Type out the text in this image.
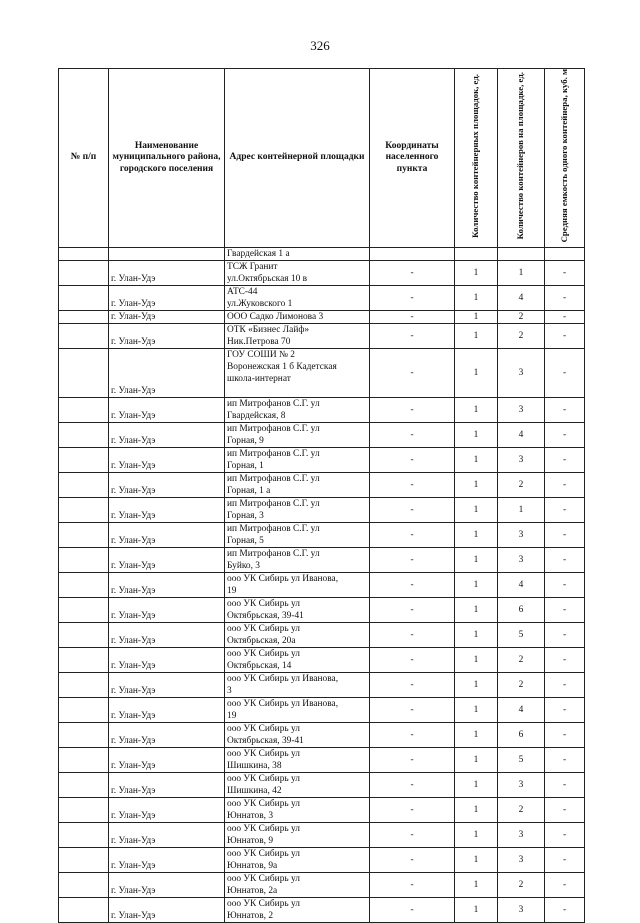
326
№ п/п	Наименование муниципального района, городского поселения	Адрес контейнерной площадки	Координаты населенного пункта	Количество контейнерных площадок, ед.	Количество контейнеров на площадке, ед.	Средняя емкость одного контейнера, куб. м
		Гвардейская 1 а				
	г. Улан-Удэ	ТСЖ Гранит
ул.Октябрьская 10 в	-	1	1	-
	г. Улан-Удэ	АТС-44
ул.Жуковского 1	-	1	4	-
	г. Улан-Удэ	ООО Садко Лимонова 3	-	1	2	-
	г. Улан-Удэ	ОТК «Бизнес Лайф»
Ник.Петрова 70	-	1	2	-
	г. Улан-Удэ	ГОУ СОШИ № 2
Воронежская 1 б Кадетская
школа-интернат	-	1	3	-
	г. Улан-Удэ	ип Митрофанов С.Г. ул
Гвардейская, 8	-	1	3	-
	г. Улан-Удэ	ип Митрофанов С.Г. ул
Горная, 9	-	1	4	-
	г. Улан-Удэ	ип Митрофанов С.Г. ул
Горная, 1	-	1	3	-
	г. Улан-Удэ	ип Митрофанов С.Г. ул
Горная, 1 а	-	1	2	-
	г. Улан-Удэ	ип Митрофанов С.Г. ул
Горная, 3	-	1	1	-
	г. Улан-Удэ	ип Митрофанов С.Г. ул
Горная, 5	-	1	3	-
	г. Улан-Удэ	ип Митрофанов С.Г. ул
Буйко, 3	-	1	3	-
	г. Улан-Удэ	ооо УК Сибирь ул Иванова,
19	-	1	4	-
	г. Улан-Удэ	ооо УК Сибирь ул
Октябрьская, 39-41	-	1	6	-
	г. Улан-Удэ	ооо УК Сибирь ул
Октябрьская, 20а	-	1	5	-
	г. Улан-Удэ	ооо УК Сибирь ул
Октябрьская, 14	-	1	2	-
	г. Улан-Удэ	ооо УК Сибирь ул Иванова,
3	-	1	2	-
	г. Улан-Удэ	ооо УК Сибирь ул Иванова,
19	-	1	4	-
	г. Улан-Удэ	ооо УК Сибирь ул
Октябрьская, 39-41	-	1	6	-
	г. Улан-Удэ	ооо УК Сибирь ул
Шишкина, 38	-	1	5	-
	г. Улан-Удэ	ооо УК Сибирь ул
Шишкина, 42	-	1	3	-
	г. Улан-Удэ	ооо УК Сибирь ул
Юннатов, 3	-	1	2	-
	г. Улан-Удэ	ооо УК Сибирь ул
Юннатов, 9	-	1	3	-
	г. Улан-Удэ	ооо УК Сибирь ул
Юннатов, 9а	-	1	3	-
	г. Улан-Удэ	ооо УК Сибирь ул
Юннатов, 2а	-	1	2	-
	г. Улан-Удэ	ооо УК Сибирь ул
Юннатов, 2	-	1	3	-
